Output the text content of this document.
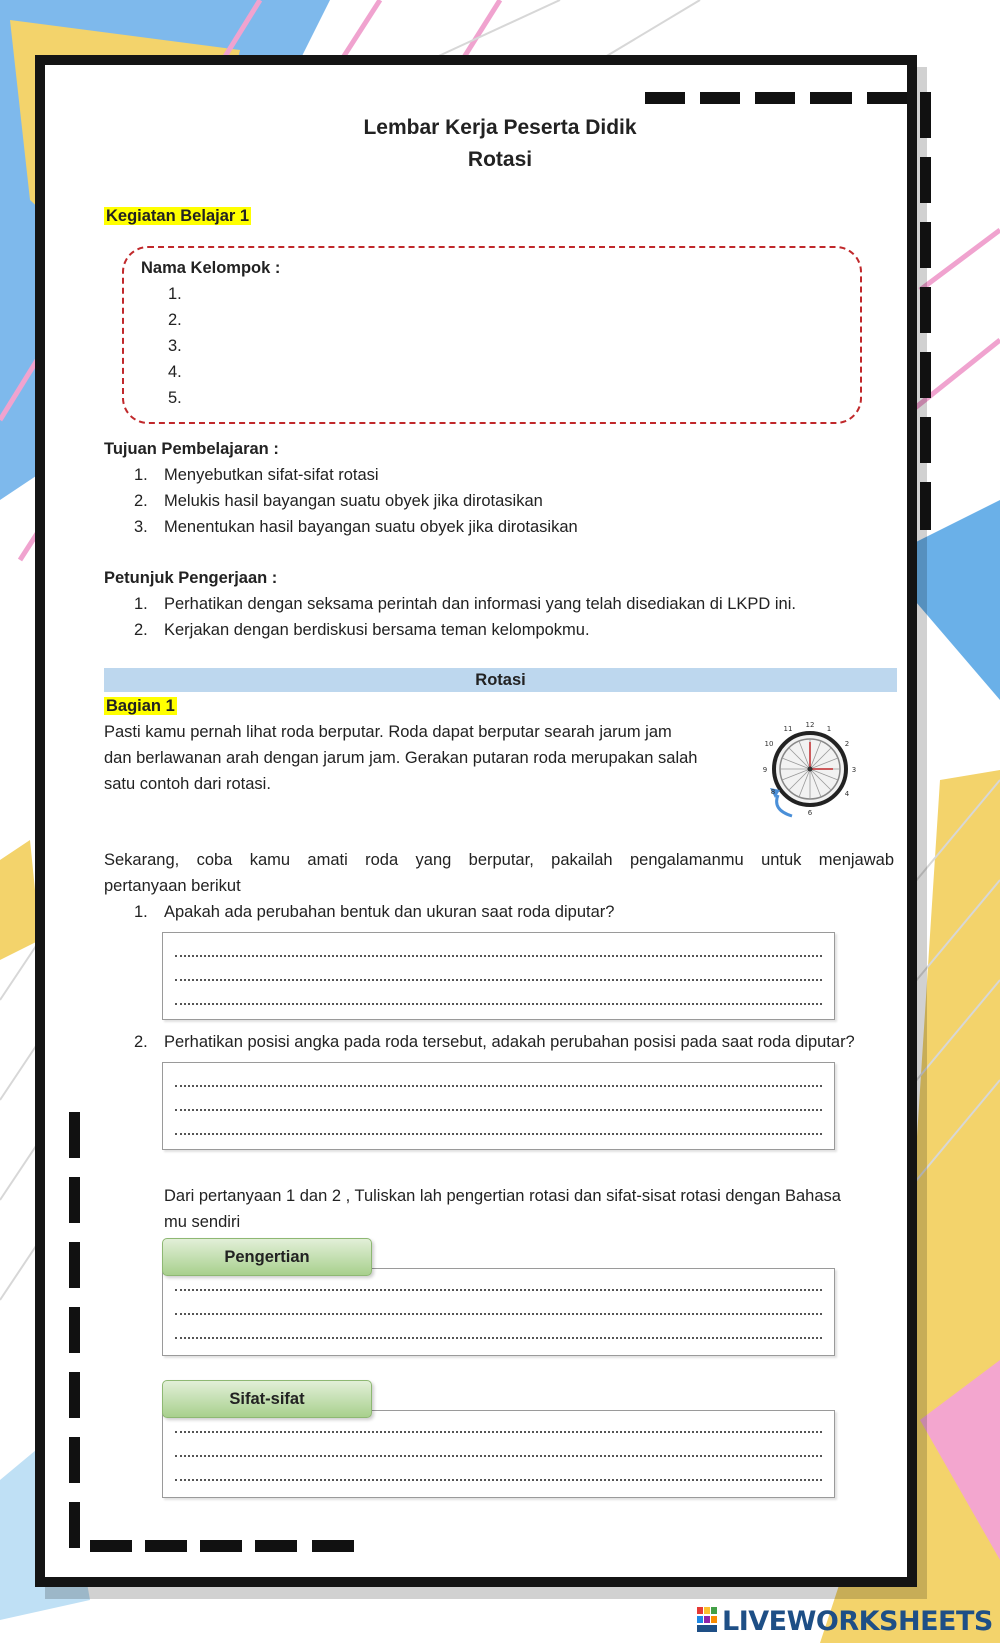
Lembar Kerja Peserta Didik
Rotasi
Kegiatan Belajar 1
Nama Kelompok :
1.
2.
3.
4.
5.
Tujuan Pembelajaran :
1. Menyebutkan sifat-sifat rotasi
2. Melukis hasil bayangan suatu obyek jika dirotasikan
3. Menentukan hasil bayangan suatu obyek jika dirotasikan
Petunjuk Pengerjaan :
1. Perhatikan dengan seksama perintah dan informasi yang telah disediakan di LKPD ini.
2. Kerjakan dengan berdiskusi bersama teman kelompokmu.
Rotasi
Bagian 1
Pasti kamu pernah lihat roda berputar. Roda dapat berputar searah jarum jam
dan berlawanan arah dengan jarum jam. Gerakan putaran roda merupakan salah
satu contoh dari rotasi.
12 1
2
3
4
6
8
9
10
11
Sekarang, coba kamu amati roda yang berputar, pakailah pengalamanmu untuk menjawab
pertanyaan berikut
1. Apakah ada perubahan bentuk dan ukuran saat roda diputar?
2. Perhatikan posisi angka pada roda tersebut, adakah perubahan posisi pada saat roda diputar?
Dari pertanyaan 1 dan 2 , Tuliskan lah pengertian rotasi dan sifat-sisat rotasi dengan Bahasa
mu sendiri
Pengertian
Sifat-sifat
LIVEWORKSHEETS
